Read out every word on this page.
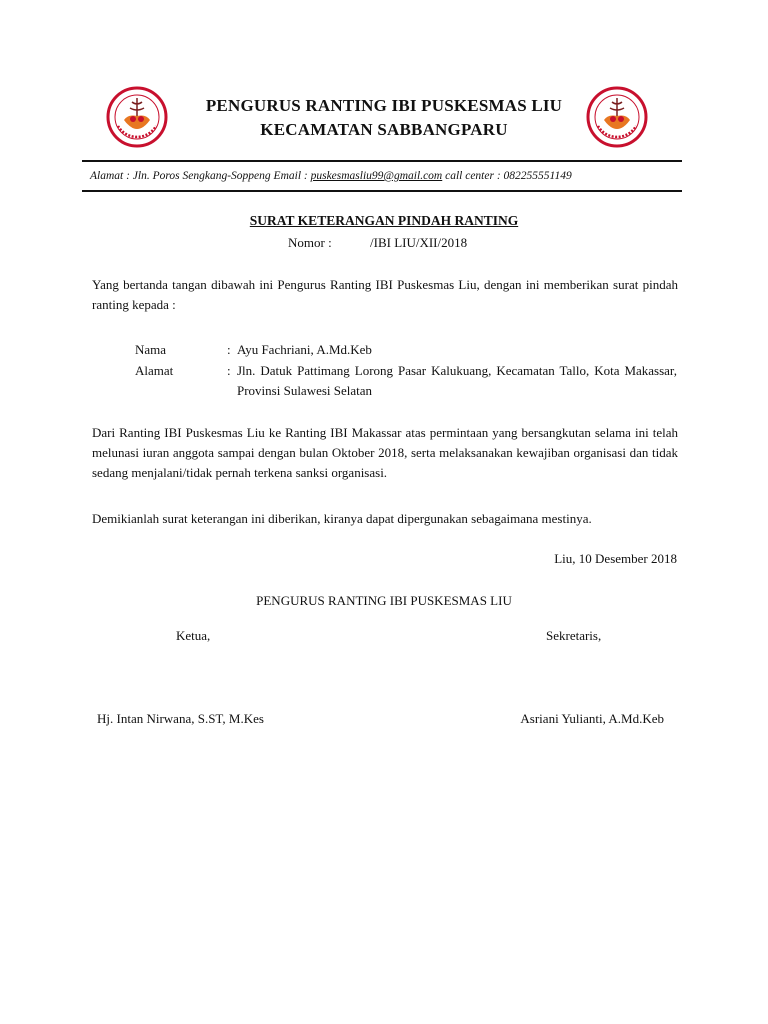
PENGURUS RANTING IBI PUSKESMAS LIU
KECAMATAN SABBANGPARU
Alamat : Jln. Poros Sengkang-Soppeng Email : puskesmasliu99@gmail.com call center : 082255551149
SURAT KETERANGAN PINDAH RANTING
Nomor :	/IBI LIU/XII/2018
Yang bertanda tangan dibawah ini Pengurus Ranting IBI Puskesmas Liu, dengan ini memberikan surat pindah ranting kepada :
Nama	: Ayu Fachriani, A.Md.Keb
Alamat	: Jln. Datuk Pattimang Lorong Pasar Kalukuang, Kecamatan Tallo, Kota Makassar, Provinsi Sulawesi Selatan
Dari Ranting IBI Puskesmas Liu ke Ranting IBI Makassar atas permintaan yang bersangkutan selama ini telah melunasi iuran anggota sampai dengan bulan Oktober 2018, serta melaksanakan kewajiban organisasi dan tidak sedang menjalani/tidak pernah terkena sanksi organisasi.
Demikianlah surat keterangan ini diberikan, kiranya dapat dipergunakan sebagaimana mestinya.
Liu, 10 Desember 2018
PENGURUS RANTING IBI PUSKESMAS LIU
Ketua,	Sekretaris,
Hj. Intan Nirwana, S.ST, M.Kes	Asriani Yulianti, A.Md.Keb
